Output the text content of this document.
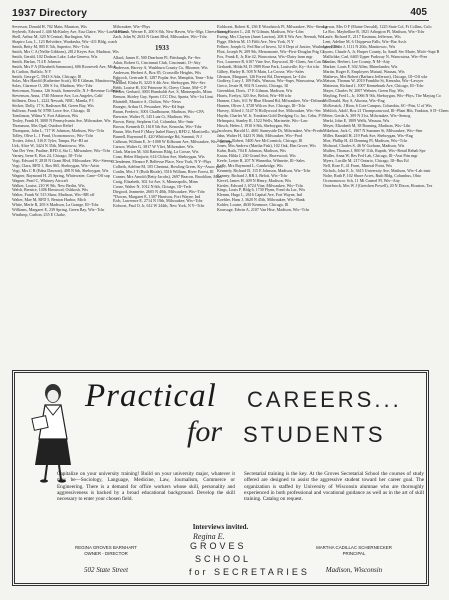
1937 Directory	405

Severson, Donald H, 702 Main, Mauston, Wis

Seyberth, Edward J, 446 McKinley Ave, Eau Claire, Wis--Law 4 Ewest

Shell, Arthur M, 320 N Central, Burlington, Wis

Shapiro Lou, L, 123 Belvidere, Waukesha, Wis--411 Bldg, coach

Smith, Betty M, 805 E 5th, Superior, Wis--Tchr

Smith, Mrs C A (Nellie Gibbons), 2812 Keyes Ave, Madison, Wis

Smith, Gerald, 102 Dodson Lake, Lake Geneva, Wis

Smith, Harlan, 714 E Johnson

Smith, Mrs F A (Elizabeth Sammons), 606 Roosevelt Ave, Mich

& Carlton, Buffalo, N Y

Smith, George C, 5943 S Ada, Chicago, Ill

Solas, Mrs Harold (Katherine Scott), 80 E Gilman, Manitowoc, Wis

Solas, Clarence O, 206 S 1st, Madison, Wis--Tchr

Steiceman, Norma, 126 South, Somerville, N J--Revenue Collector

Stevenson, Anna, 1740 Monroe Ave, Los Angeles, Calif

Stillmen, Dora L, 2222 Newark, NBC, Manila, P I

Sticker, Dolly, 17 S, Radisson Rd, Green Bay, Wis

Sullivan, Frank W, 8788 Lowe Ave, Chicago, Ill

Tomlinson, Wilma Y, Fort Atkinson, Wis

Texley, Frank H, 3000 N Pennsylvania Ave, Milwaukee, Wis

Thomason, Mrs Opal, Outdoor Relief

Thompson, John L, 717 W Johnson, Madison, Wis--Tchr

Tolley, Olive L, 1 Pond, Oconomowoc, Wis--Tchr

Trotter, John J, 316 E Tyler, Tampa, Fla--RI art

Uek, Alice W, 3424 N 35th, Manitowoc, Wis

Van Der Veer, Pauline, RFD 4, Sta C, Milwaukee, Wis--Tchr

Varney, Irene E, Box 24, Chicago, Ill--Tchr

Vogt, Edward F, 2818 N Grant Blvd, Milwaukee, Wis--Stenog

Vogt, Clara, RFD 1, Box 865, Sheboygan, Wis--Artist

Vogt, Mrs C R (Edna Dawson), 408 N 6th, Sheboygan, Wis

Wagner, Raymond H, 25 Spring, Whitewater, Cane--Off sup

Wagner, Pearl C, Whitney Aircraft

Walker, Louise, 210 W 9th, New Berlin, Wis

Walsh, Bernice, 1406 Elmwood, Oshkosh, Wis

Walter, Frank W, 515 Shaw, Madison, Wis--RR off

Walter, Mae M, RFD 5, Benton Harbor, Mich

White, Merle R, 205 S Madison, La Grange, Ill--Tchr

Williams, Margaret E, 239 Spring, Green Bay, Wis--Tchr

Winthrop, Carlton, 235 E Clarke,

Milwaukee, Wis--Phys

Woelbach, Werner E, 200 S 8th, New Haven, Wis--Mgr, Cheese storage

Zach, John W, 2633 N Grant Blvd, Milwaukee, Wis--Tchr

1933

Allard, James E, 500 Dearborn Pl, Pittsburgh, Pa--Sec

Adair, Robert G, Cincinnati Club, Cincinnati, O--Atty

Anderson, Harvey A, Washburn County Co, Bloomer, Wis

Anderson, Herbert A, Box 85, Crossville Heights, Wis

Babcock, Gertrude E, 1287 Poplar Ave, Memphis, Tenn--Tchr

Barnard, Elisha B, 3225 S 4th Ave, Sheboygan, Wis--Sec

Bebb, Louise H, 102 Primrose St, Chevy Chase, Md--C P

Becker, Gerhard, 3003 Humboldt Ave, S, Minneapolis, Minn

Benson, Shirley Guy, Sports CCC Dist, Sparta, Wis--1st Lieut

Blaisdell, Maurice A, Chilton, Wis--News

Braeger, Arthur O, Pewaukee, Wis--Ed Supt

Braun, Frederic, 3001 Chadbourne, Madison, Wis--CPA

Brewster, Walter N, 145 Lutz Ct, Madison, Wis

Brown, Betty, Stephens Col, Columbia, Mo--Instr

Brown, Kenneth D, 1618 5th Ave, Kenosha, Wis--Tchr

Bruun, Mrs Fred F (Mary Isabel Barry), RFD 2, Monticello, Wis

Burnell, Raymond E, 420 Whittredge Rd, Summit, N J

Calhoun, William E, Jr--1008 W Kilbourn Ave, Milwaukee, Wis--Ins repr

Carson, Walter G, 3817 W Vliet, Milwaukee, Wis

Clark, Marion M, 304 Bateaux Bldg, La Crosse, Wis

Coan, Helen Marjorie, 614 Clifton Ave, Sheboygan, Wis

Clendenen, Eleanor P, Bellevue Place, New York, N Y--Phys

Colbeth, Adeline M, 105 Chestnut, Bowling Green, Ky--Assoc prof

Conlin, Mrs J T (Ruth Rhode), 3516 William, River Forest, Ill

Conner, Mrs Arnold (Betty Jacobs), 2697 Beacon, Brookline, Mass

Craig, Elizabeth, 302 1st Ave, S, Minneapolis, Minn

Crone, Walter N, 1012 N 6th, Chicago, Ill--Tech

Diegood, Jeannette, 2605 N 40th, Milwaukee, Wis--Tchr

*Downs, Margaret E, 1307 Harrison, Fort Wayne, Ind

Eich, Lawrence E, 2714 N 19th, Milwaukee, Wis--Tchr

Eichorst, Paul O, Jr, 612 W 244th, New York, N Y--Tchr

Eichhorst, Robert K, 236 E Woodstock Pl, Milwaukee, Wis--Stenog

Evert, Harriet L, 241 W Gilman, Madison, Wis--Libn

Ewing, Mrs Clayton (Janet Lawton), 208 E Wis Ave, Neenah, Wis

Figge, Melvin M, 15 Fifth Ave, New York, N Y

Fellner, Joseph G, Fed Bur of Invest, 52 S Dept of Justice, Washington, D C

Flint, Joseph W, 209 9th, Menomonie, Wis--First-Douglas Prtg Co

Fox, Frank E, Jr, Rte 42, Wauwatosa, Wis--Dairy farm mgr

Fox, Laurence R, 6107 Vine Ave, Baywood, Ill--Chem, Am Can Co

Gerhardt, Hilda M, D 1989 Rose Park, Louisville, Ky--Art tchr

Gilbey, Harley B, 508 N Main, La Crosse, Wis--Sales

Gleason, Margaret, 126 Forest Rd, Davenport, Ia--Libr

Godfrey, Lucy J, 109 Falls, Wausau, Wis--Supv, Wauwatosa, Wis

Greco, Jessie H, 902 N Leavitt, Chicago, Ill

Greenblatt, Doris, 17 E Gilman, Madison, Wis

Harris, Evelyn, 320 Ave, Beloit, Wis--HS tchr

Hansen, Chris, 611 W Blue Mound Rd, Milwaukee, Wis--Drftsmn

Hansen, Oliver J, 3728 Wilcox Ave, Chicago, Ill--Tchr

Harvey, Alfred J, 5147 N Hollywood Ave, Milwaukee, Wis--Sec

Haydn, Charles W, Jr, Tomkins Gold Dredging Co, Inc, Cebu, P I

Helmquist, Stanley R, 1522 Wells, Marinette, Wis--Law

Hirsch, Helen J, 1910 S 8th, Sheboygan, Wis

Jacobsen, Harold U, 4601 Sunnyside Dr, Milwaukee, Wis--Prodn

Jahn, Walter H, 3423 N 36th, Milwaukee, Wis--Prod

Johnson, Robert, 5400 Ave McCormick, Chicago, Ill

Jones, Mrs Andrew (Martha Fisk), 102 Oak, Elm Grove, Wis

Kahn, Ruth, 704 E Johnson, Madison, Wis

Karau, Hilda J, 230 Grand Ave, Shorewood, Wis

Keefe, Lester R, 207 N Winnetka, Wilmette, Ill--Sales

Kelly, Mrs Raymond L, Cambridge, Wis

Kennedy, Richard D, 115 E Johnson, Madison, Wis--Tchr

Kenney, Richard J, RR 3, Beloit, Wis--Tchr

Kievel, James H, 409 N Henry, Madison, Wis

Kiesler, Edward J, 6724 Vine, Milwaukee, Wis--Tchr

Kings, Louis P, Bldg 6, 1730 Flynn, Fond du Lac, Wis

Klemm, Hugo L, 2616 Capital Ave, Fort Wayne, Ind

Koehler, Hans J, 3620 N 45th, Milwaukee, Wis--Bank

Kohler, Louise, 4630 Kenmore, Chicago, Ill

Kronsage, Edwin A, 2107 Van Hise, Madison, Wis--Tchr

Larson, Mrs O F (Elaine Oswald), 1225 State Col, Ft Collins, Colo

La Roc, Maybelline B, 1821 Arlington Pl, Madison, Wis--Tchr

Laufe, Richard E, 2117 Eastman, Jefferson, Wis

Lent, Adeline M, 6 Chippewa Falls, Wis--Bar Ass'n

Lee, Robert J, 1111 N 20th, Manitowoc, Wis

Lyons, Claude A, Jr, Harper County, Ia, Samll Sec Marie, Mich--Supt B

Mallichke, Carl, 6465 Upper Parkway N, Wauwatosa, Wis--Pres

Manlan, Herbert, Lee County, N M--Atty

Markee, Louis F, 302 Allen, Rhinelander, Wis

Martin, Roger E, Employers Mutual, Wausau, Wis

Mathews, Mrs Robert (Barbara Jefferson), Chicago, Ill--Off wkr

Matson, Thomas W, 2019 Franklin St, Kenosha, Wis--Lawyer

Matteson, Richard J, 1007 Kennebunk Ave, Chicago, Ill--Tchr

Mayer, Charles W, 2007 Webster, Green Bay, Wis

Mayling, Fred L, Jr, 1066 N 9th, Sheboygan, Wis--Phys, The Maytag Co

McDonald, Roy S, Altoona, Wis--Eng

McKessick, J Rion, 6 Cote Campus, Columbia, SC--Prin, U of Wis

Mehlich, Adolf, Box 21 Thompsonwood, Ill--Plant Hth, Yankton, S D--Chem

Meier, Gerda A, 309 N 31st, Milwaukee, Wis--Stenog

Merkt, John E, 1809 Wells, Wausau, Wis

Meyer, Elizabeth M, 38 Bonning, Madison, Wis--Libr

Mikelson, Jack C, 1907 N Summer St, Milwaukee, Wis--Stnr

Miller, Randall H, 219 Park Ave, Sheboygan, Wis--Eng

Moe, Phillip H, 43 Denning Pl, Madison, Wis--Tchr

Molnouf, Charles S, 46 W Gorham, Madison, Wis

Mullen, Thomas J, 800 W 11th, Rapids, Wis--Retail Rehab Spv

Muller, Anna W, Res Fed Lab, Chicago, Ill--Asst Prin mgr

Myers, Lucille M, 217 Ontario, Chicago, Ill--Bus Ed

Nell, Rose E, 41 Front, Mineral Point, Wis

Nichols, John E, Jr, 3615 University Ave, Madison, Wis--Lab instr

Nolte, Ruth P, 102 Shore Acres, Ruth Bldg, Columbus, Ohio

Oconomowoc Sch, 11 Mt Carmel Pl, Wis--Atty

Osterbrock, Mrs W J (Gretchen Powell), 20 N Dixon, Houston, Tex

Practical
for
CAREERS...
STUDENTS
Capitalize on your university training! Build on your university major, whatever it may be—Sociology, Language, Medicine, Law, Journalism, Commerce or Engineering. There is a demand for office workers whose skill, personality and aggressiveness is backed by a broad educational background. Develop the skill necessary to enter your chosen field.
Secretarial training is the key. At the Groves Secretarial School the courses of study offered are designed to assist the aggressive student toward her career goal. The organization is staffed by University of Wisconsin alumnae who are thoroughly experienced in both professional and vocational guidance as well as in the art of skill training. Catalog on request.
Interviews invited.
Regina E.
GROVES
SCHOOL
for SECRETARIES
REGINA GROVES BARNHART
OWNER - DIRECTOR
MARTHA CADILLAC SCHERNECKER
PRINCIPAL
502 State Street	Madison, Wisconsin
